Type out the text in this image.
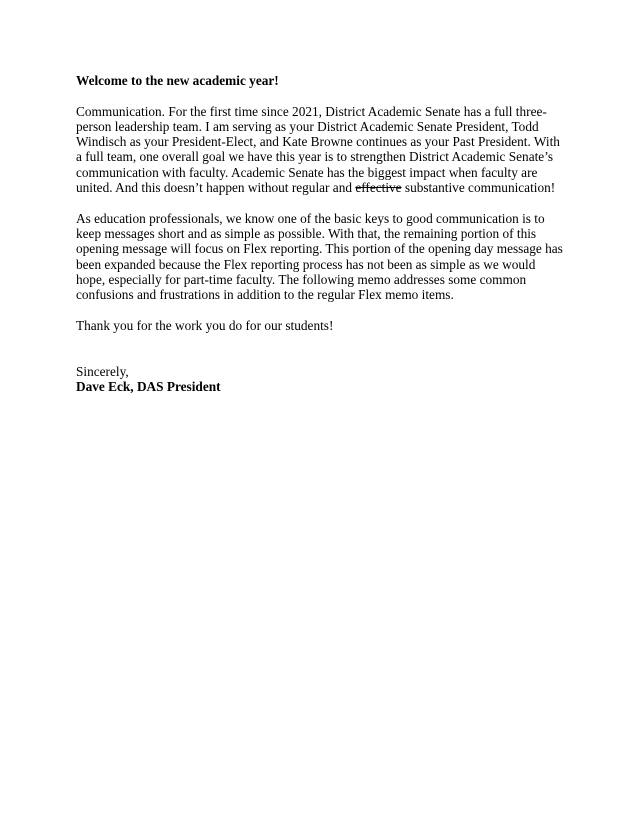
Welcome to the new academic year!

Communication. For the first time since 2021, District Academic Senate has a full three-person leadership team. I am serving as your District Academic Senate President, Todd Windisch as your President-Elect, and Kate Browne continues as your Past President. With a full team, one overall goal we have this year is to strengthen District Academic Senate’s communication with faculty. Academic Senate has the biggest impact when faculty are united. And this doesn’t happen without regular and effective substantive communication!

As education professionals, we know one of the basic keys to good communication is to keep messages short and as simple as possible. With that, the remaining portion of this opening message will focus on Flex reporting. This portion of the opening day message has been expanded because the Flex reporting process has not been as simple as we would hope, especially for part-time faculty. The following memo addresses some common confusions and frustrations in addition to the regular Flex memo items.

Thank you for the work you do for our students!

Sincerely,

Dave Eck, DAS President
